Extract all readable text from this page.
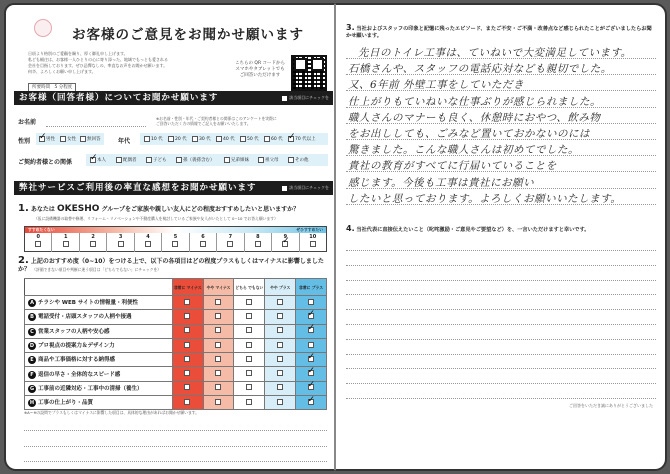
お客様のご意見をお聞かせ願います
日頃より格別のご愛顧を賜り、厚く御礼申し上げます。
私ども桶庄は、お客様一人ひとりの心に寄り添った、地域でもっとも愛される
会社を目指しております。ぜひ忌憚なしの、率直なお声をお聞かせ願います。
何卒、よろしくお願い申し上げます。
所要時間　5 分程度
こちらの QR コードから
スマホやタブレットでも
ご回答いただけます
お客様（回答者様）についてお聞かせ願います	該当項目にチェックを
お名前
※お名前・性別・年代・ご契約者様との関係はこのアンケートを実際に
ご回答いただく方の情報でご記入をお願いいたします。
性別 ✓	男性	女性 無回答	年代	10 代	20 代	30 代	40 代	50 代	60 代 ✓	70 代以上
ご契約者様との関係 ✓	本人	配偶者	子ども	孫（義孫含む）	兄弟姉妹	祖父母	その他
弊社サービスご利用後の率直な感想をお聞かせ願います	該当項目にチェックを
1. あなたは OKESHO グループをご家族や親しい友人にどの程度おすすめしたいと思いますか？
（仮に設備機器の取替や修理、リフォーム・リノベーションや不動産購入を検討しているご家族や友人がいたとして 0~10 でお答え願います）
すすめたくない	ぜひすすめたい
0	1	2	3	4	5	6	7	8 ✓	10
2. 上記のおすすめ度（0~10）をつける上で、以下の各項目はどの程度プラスもしくはマイナスに影響しましたか？ （評価できない項目や判断に迷う項目は「どちらでもない」にチェックを）
	非常に マイナス	やや マイナス	どちら でもない	やや プラス	非常に プラス
A チラシや WEB サイトの情報量・利便性					
B 電話受付・店頭スタッフの人柄や接遇					✓
C 営業スタッフの人柄や安心感					✓
D プロ視点の提案力＆デザイン力					
E 商品や工事価格に対する納得感					✓
F 返信の早さ・全体的なスピード感					✓
G 工事前の近隣対応・工事中の清掃（養生）					✓
H 工事の仕上がり・品質					✓
※A〜Hの設問でプラスもしくはマイナスに影響した項目は、具体的な理由があればお聞かせ願います。
3. 当社およびスタッフの印象と記憶に残ったエピソード、またご不安・ご不満・改善点など感じられたことがございましたらお聞かせ願います。
先日のトイレ工事は、ていねいで大変満足しています。
石橋さんや、スタッフの電話応対なども親切でした。
又、6年前 外壁工事をしていただき
仕上がりもていねいな仕事ぶりが感じられました。
職人さんのマナーも良く、休憩時におやつ、飲み物
をお出ししても、ごみなど置いておかないのには
驚きました。こんな職人さんは初めてでした。
貴社の教育がすべてに行届いていることを
感じます。今後も工事は貴社にお願い
したいと思っております。よろしくお願いいたします。
4. 当社代表に直接伝えたいこと（叱咤激励・ご意見やご要望など）を、一言いただけますと幸いです。
ご回答をいただき誠にありがとうございました
